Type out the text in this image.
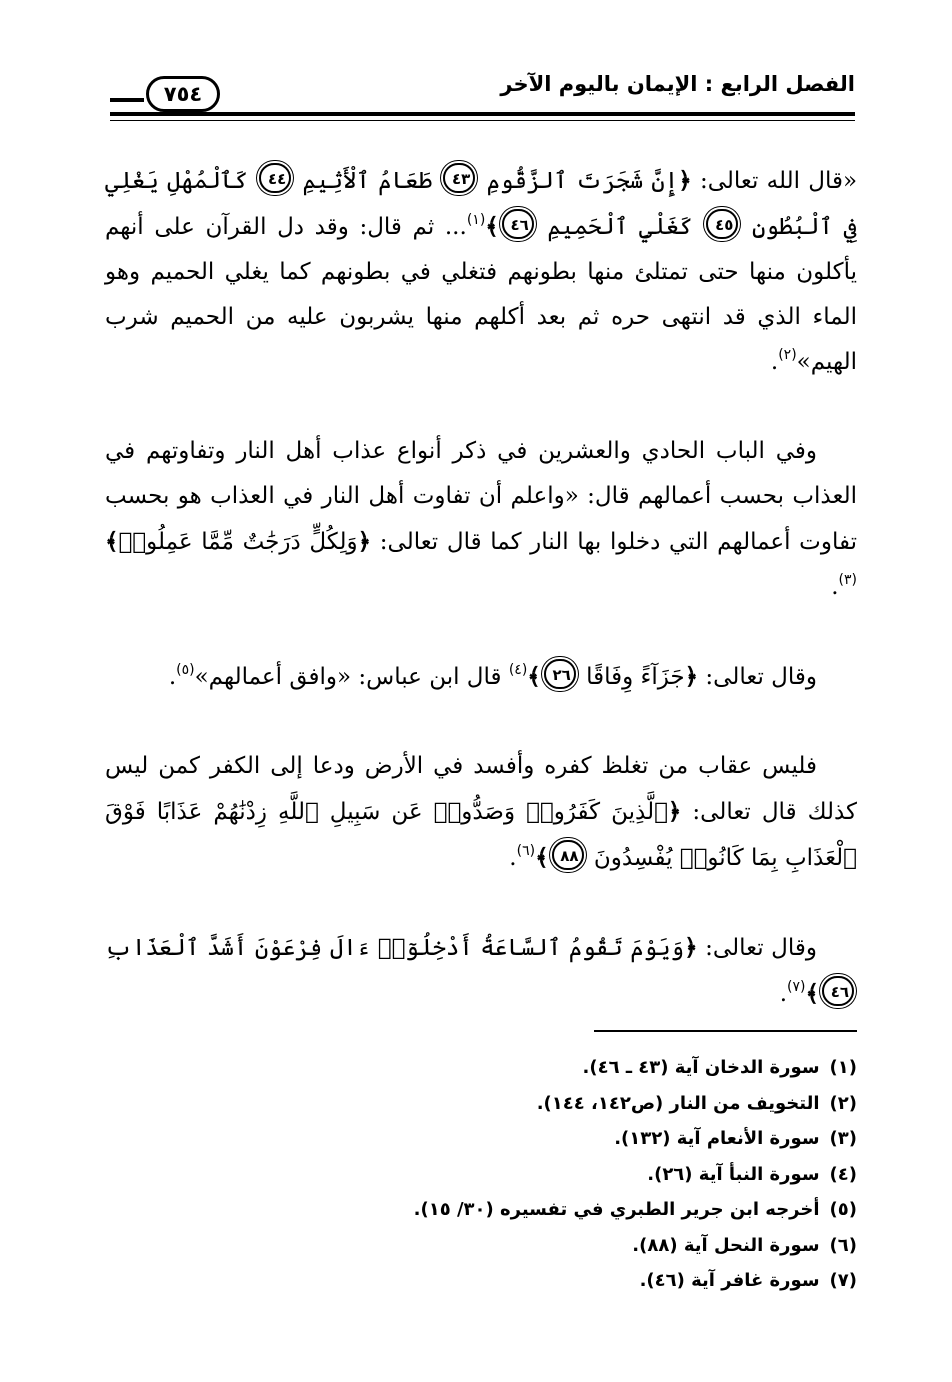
الفصل الرابع : الإيمان باليوم الآخر
٧٥٤

«قال الله تعالى: ﴿إِنَّ شَجَرَتَ ٱلزَّقُّومِ ٤٣ طَعَامُ ٱلْأَثِيمِ ٤٤ كَٱلْمُهْلِ يَغْلِي فِي ٱلْبُطُونِ ٤٥ كَغَلْيِ ٱلْحَمِيمِ ٤٦﴾$^{(١)}$... ثم قال: وقد دل القرآن على أنهم يأكلون منها حتى تمتلئ منها بطونهم فتغلي في بطونهم كما يغلي الحميم وهو الماء الذي قد انتهى حره ثم بعد أكلهم منها يشربون عليه من الحميم شرب الهيم»$^{(٢)}$.

وفي الباب الحادي والعشرين في ذكر أنواع عذاب أهل النار وتفاوتهم في العذاب بحسب أعمالهم قال: «واعلم أن تفاوت أهل النار في العذاب هو بحسب تفاوت أعمالهم التي دخلوا بها النار كما قال تعالى: ﴿وَلِكُلٍّ دَرَجَٰتٌ مِّمَّا عَمِلُوا۟﴾$^{(٣)}$.

وقال تعالى: ﴿جَزَآءً وِفَاقًا ٢٦﴾$^{(٤)}$ قال ابن عباس: «وافق أعمالهم»$^{(٥)}$.

فليس عقاب من تغلظ كفره وأفسد في الأرض ودعا إلى الكفر كمن ليس كذلك قال تعالى: ﴿ٱلَّذِينَ كَفَرُوا۟ وَصَدُّوا۟ عَن سَبِيلِ ٱللَّهِ زِدْنَٰهُمْ عَذَابًا فَوْقَ ٱلْعَذَابِ بِمَا كَانُوا۟ يُفْسِدُونَ ٨٨﴾$^{(٦)}$.

وقال تعالى: ﴿وَيَوْمَ تَقُومُ ٱلسَّاعَةُ أَدْخِلُوٓا۟ ءَالَ فِرْعَوْنَ أَشَدَّ ٱلْعَذَابِ ٤٦﴾$^{(٧)}$.

(١)سورة الدخان آية (٤٣ ـ ٤٦).
(٢)التخويف من النار (ص١٤٢، ١٤٤).
(٣)سورة الأنعام آية (١٣٢).
(٤)سورة النبأ آية (٢٦).
(٥)أخرجه ابن جرير الطبري في تفسيره (٣٠/ ١٥).
(٦)سورة النحل آية (٨٨).
(٧)سورة غافر آية (٤٦).
